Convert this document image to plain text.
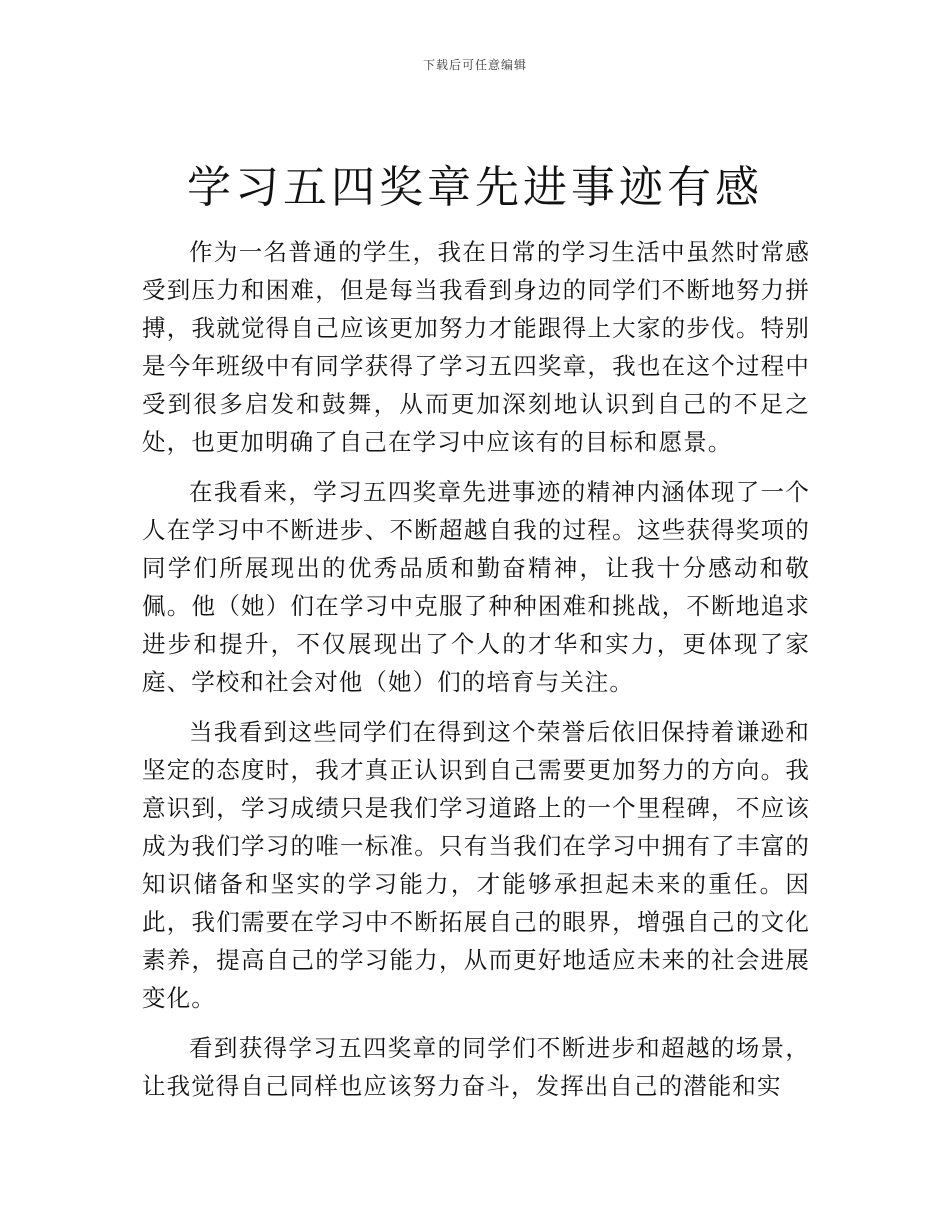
下载后可任意编辑
学习五四奖章先进事迹有感

作为一名普通的学生，我在日常的学习生活中虽然时常感受到压力和困难，但是每当我看到身边的同学们不断地努力拼搏，我就觉得自己应该更加努力才能跟得上大家的步伐。特别是今年班级中有同学获得了学习五四奖章，我也在这个过程中受到很多启发和鼓舞，从而更加深刻地认识到自己的不足之处，也更加明确了自己在学习中应该有的目标和愿景。

在我看来，学习五四奖章先进事迹的精神内涵体现了一个人在学习中不断进步、不断超越自我的过程。这些获得奖项的同学们所展现出的优秀品质和勤奋精神，让我十分感动和敬佩。他（她）们在学习中克服了种种困难和挑战，不断地追求进步和提升，不仅展现出了个人的才华和实力，更体现了家庭、学校和社会对他（她）们的培育与关注。

当我看到这些同学们在得到这个荣誉后依旧保持着谦逊和坚定的态度时，我才真正认识到自己需要更加努力的方向。我意识到，学习成绩只是我们学习道路上的一个里程碑，不应该成为我们学习的唯一标准。只有当我们在学习中拥有了丰富的知识储备和坚实的学习能力，才能够承担起未来的重任。因此，我们需要在学习中不断拓展自己的眼界，增强自己的文化素养，提高自己的学习能力，从而更好地适应未来的社会进展变化。

看到获得学习五四奖章的同学们不断进步和超越的场景，让我觉得自己同样也应该努力奋斗，发挥出自己的潜能和实
